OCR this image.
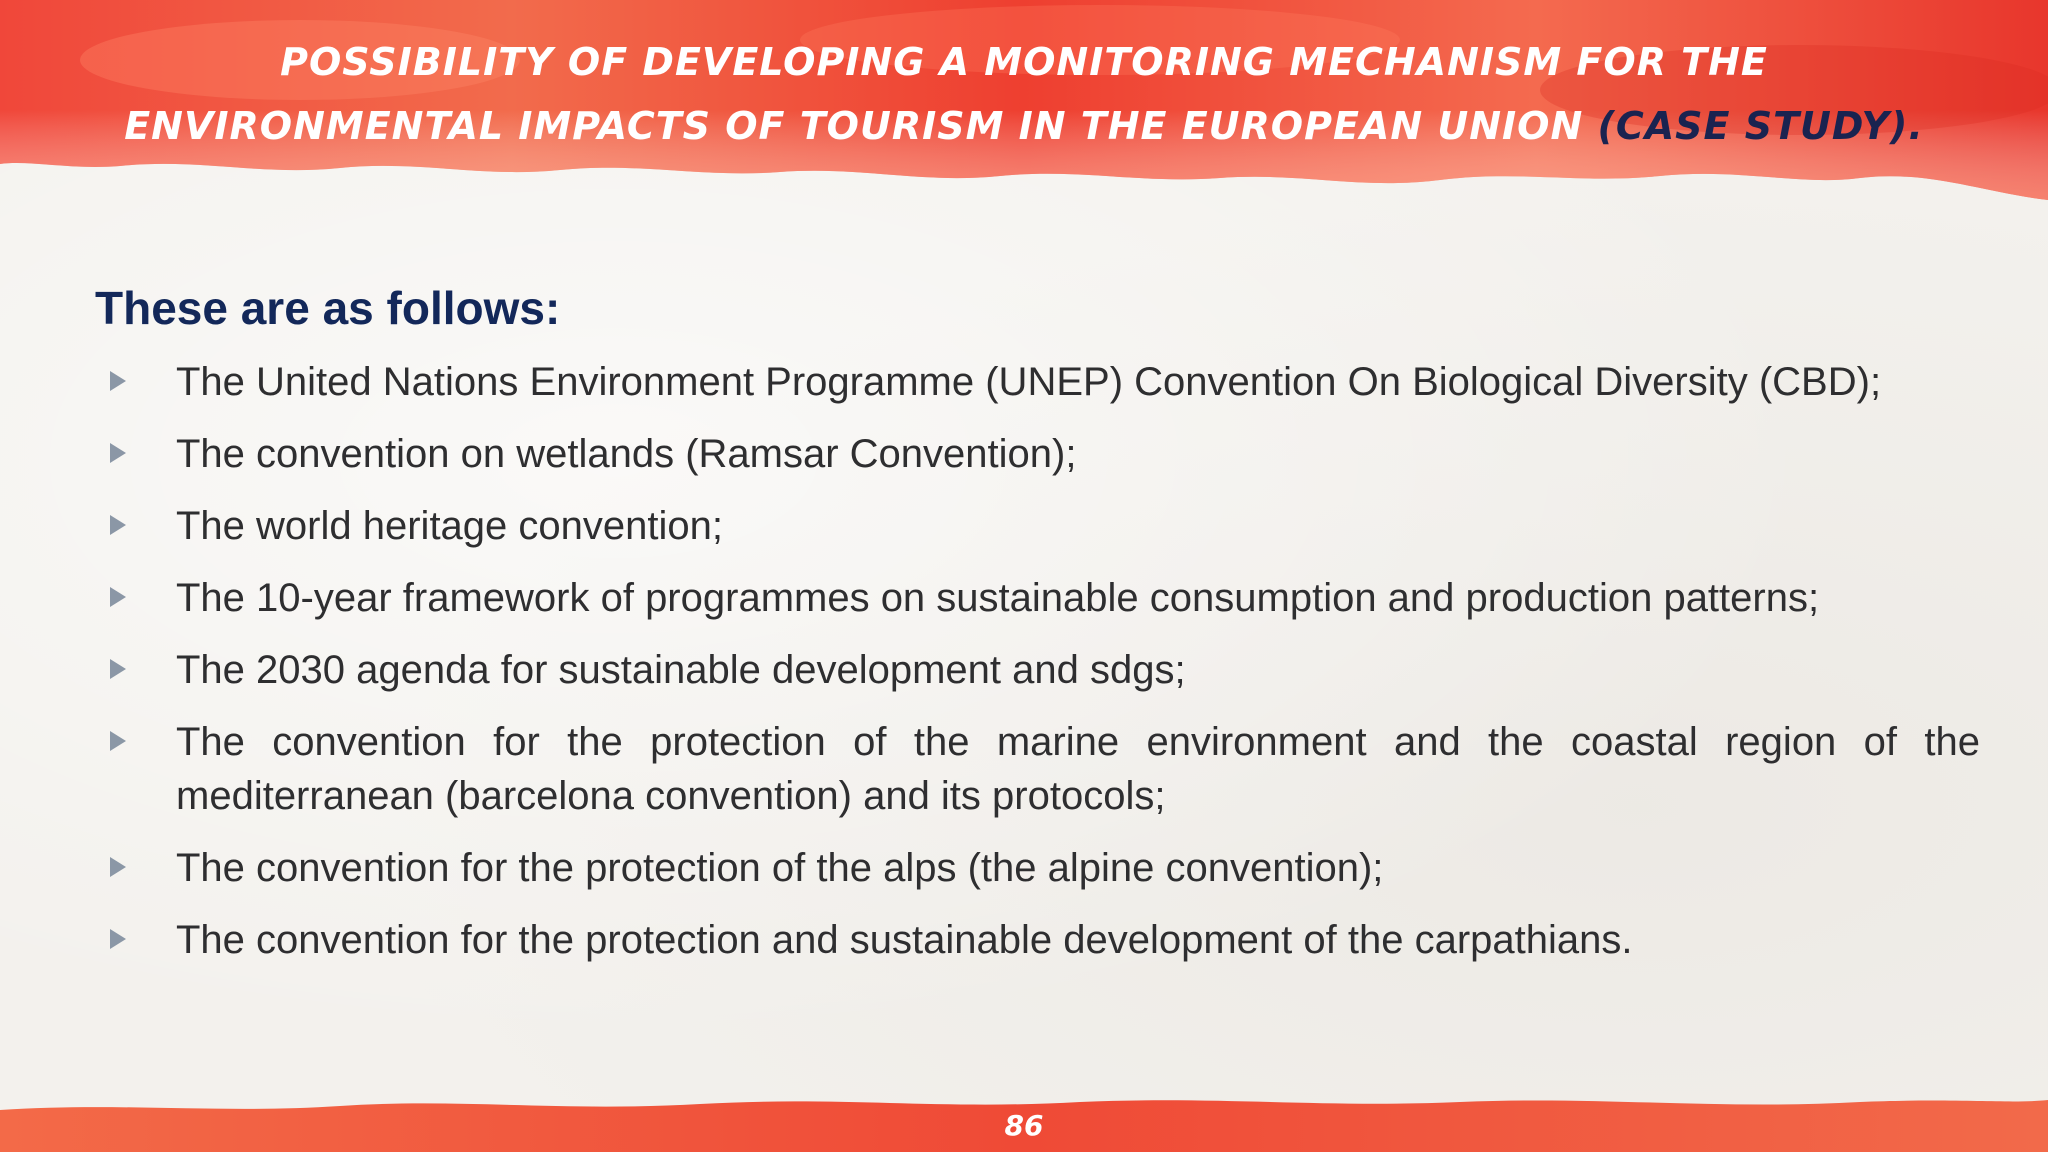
POSSIBILITY OF DEVELOPING A MONITORING MECHANISM FOR THE ENVIRONMENTAL IMPACTS OF TOURISM IN THE EUROPEAN UNION (CASE STUDY).
These are as follows:
The United Nations Environment Programme (UNEP) Convention On Biological Diversity (CBD);
The convention on wetlands (Ramsar Convention);
The world heritage convention;
The 10-year framework of programmes on sustainable consumption and production patterns;
The 2030 agenda for sustainable development and sdgs;
The convention for the protection of the marine environment and the coastal region of the mediterranean (barcelona convention) and its protocols;
The convention for the protection of the alps (the alpine convention);
The convention for the protection and sustainable development of the carpathians.
86
